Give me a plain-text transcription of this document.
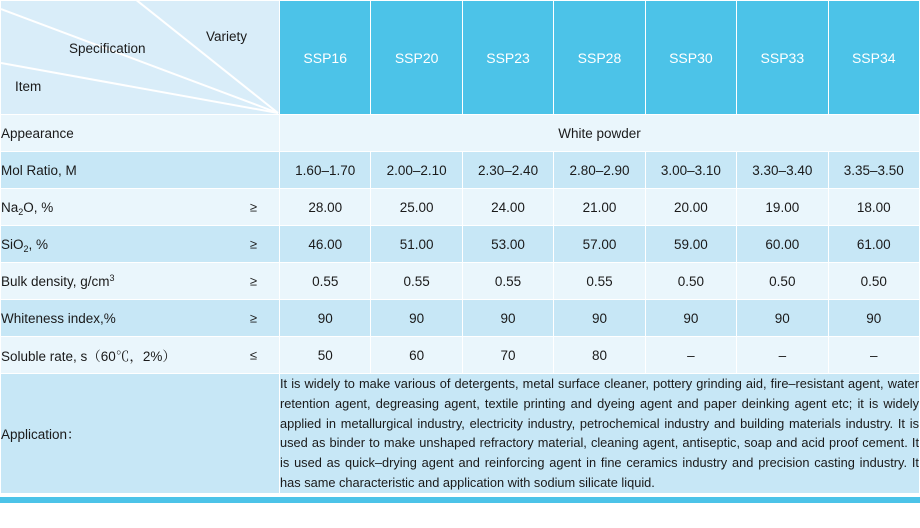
Variety
Specification
Item	SSP16	SSP20	SSP23	SSP28	SSP30	SSP33	SSP34
Appearance	White powder						
Mol Ratio, M	1.60–1.70	2.00–2.10	2.30–2.40	2.80–2.90	3.00–3.10	3.30–3.40	3.35–3.50
$Na_2O$, % ≥	28.00	25.00	24.00	21.00	20.00	19.00	18.00
SiO$_2$, % ≥	46.00	51.00	53.00	57.00	59.00	60.00	61.00
Bulk density, $g/cm^3$ ≥	0.55	0.55	0.55	0.55	0.50	0.50	0.50
Whiteness index,% ≥	90	90	90	90	90	90	90
Soluble rate, s（60℃，2%） ≤	50	60	70	80	–	–	–
Application：	It is widely to make various of detergents, metal surface cleaner, pottery grinding aid, fire–resistant agent, water retention agent, degreasing agent, textile printing and dyeing agent and paper deinking agent etc; it is widely applied in metallurgical industry, electricity industry, petrochemical industry and building materials industry. It is used as binder to make unshaped refractory material, cleaning agent, antiseptic, soap and acid proof cement. It is used as quick–drying agent and reinforcing agent in fine ceramics industry and precision casting industry. It has same characteristic and application with sodium silicate liquid.						
